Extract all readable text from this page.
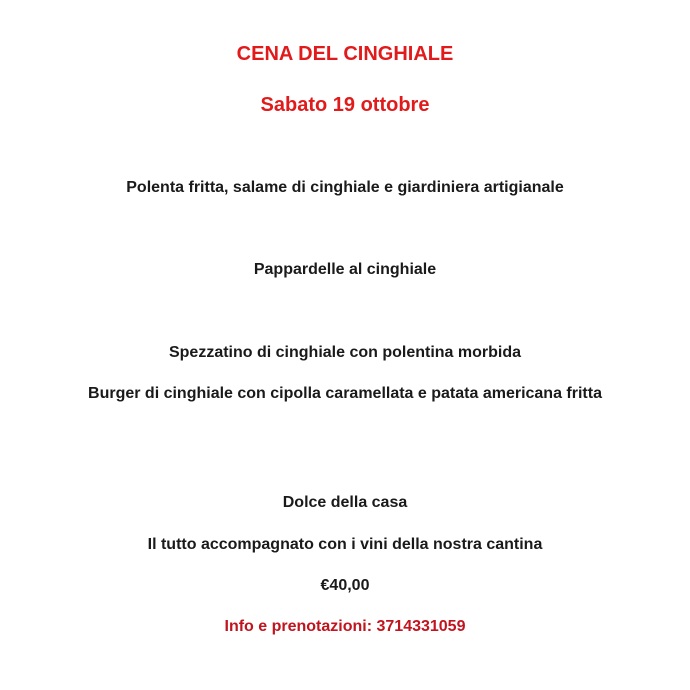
CENA DEL CINGHIALE
Sabato 19 ottobre
Polenta fritta, salame di cinghiale e giardiniera artigianale
Pappardelle al cinghiale
Spezzatino di cinghiale con polentina morbida
Burger di cinghiale con cipolla caramellata e patata americana fritta
Dolce della casa
Il tutto accompagnato con i vini della nostra cantina
€40,00
Info e prenotazioni: 3714331059
